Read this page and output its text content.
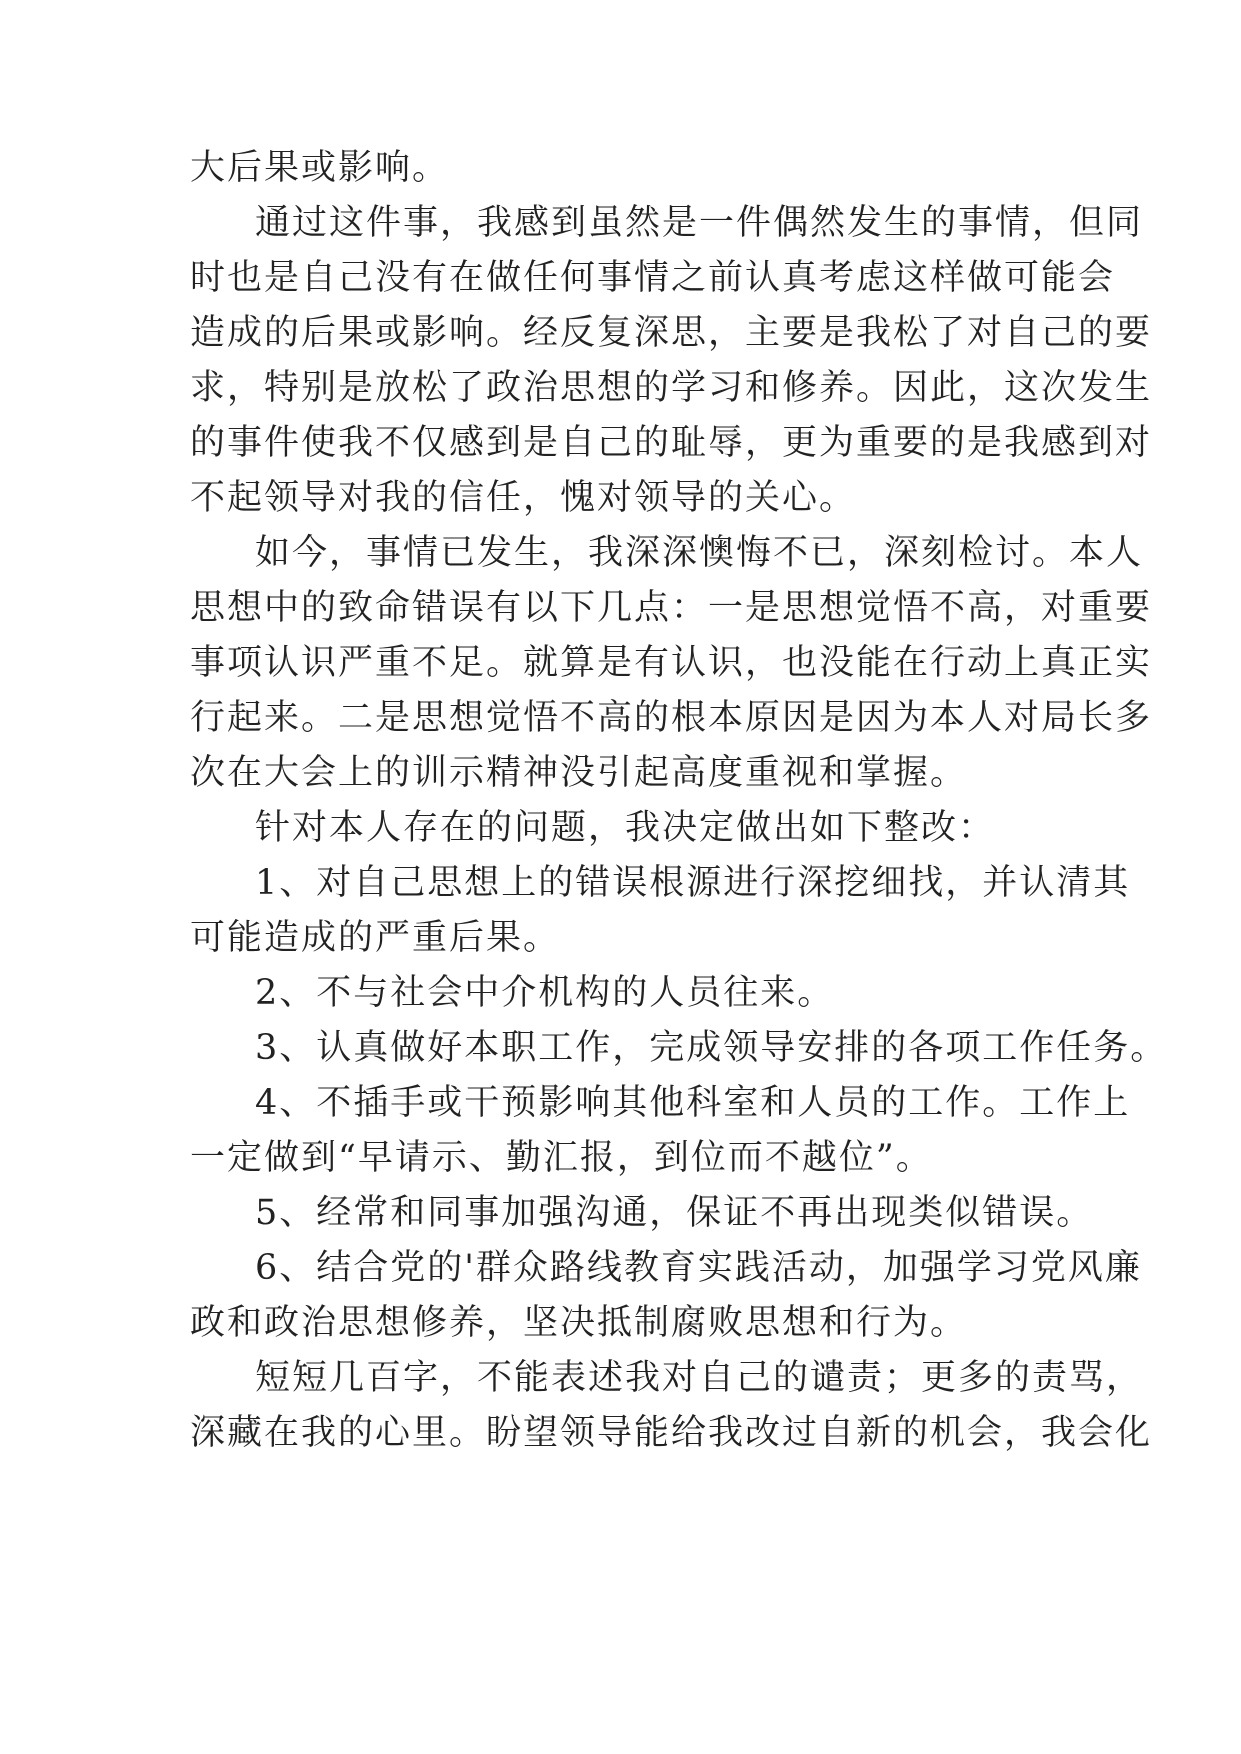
大后果或影响。
通过这件事，我感到虽然是一件偶然发生的事情，但同
时也是自己没有在做任何事情之前认真考虑这样做可能会
造成的后果或影响。经反复深思，主要是我松了对自己的要
求，特别是放松了政治思想的学习和修养。因此，这次发生
的事件使我不仅感到是自己的耻辱，更为重要的是我感到对
不起领导对我的信任，愧对领导的关心。
如今，事情已发生，我深深懊悔不已，深刻检讨。本人
思想中的致命错误有以下几点：一是思想觉悟不高，对重要
事项认识严重不足。就算是有认识，也没能在行动上真正实
行起来。二是思想觉悟不高的根本原因是因为本人对局长多
次在大会上的训示精神没引起高度重视和掌握。
针对本人存在的问题，我决定做出如下整改：
1、对自己思想上的错误根源进行深挖细找，并认清其
可能造成的严重后果。
2、不与社会中介机构的人员往来。
3、认真做好本职工作，完成领导安排的各项工作任务。
4、不插手或干预影响其他科室和人员的工作。工作上
一定做到“早请示、勤汇报，到位而不越位”。
5、经常和同事加强沟通，保证不再出现类似错误。
6、结合党的'群众路线教育实践活动，加强学习党风廉
政和政治思想修养，坚决抵制腐败思想和行为。
短短几百字，不能表述我对自己的谴责；更多的责骂，
深藏在我的心里。盼望领导能给我改过自新的机会，我会化
